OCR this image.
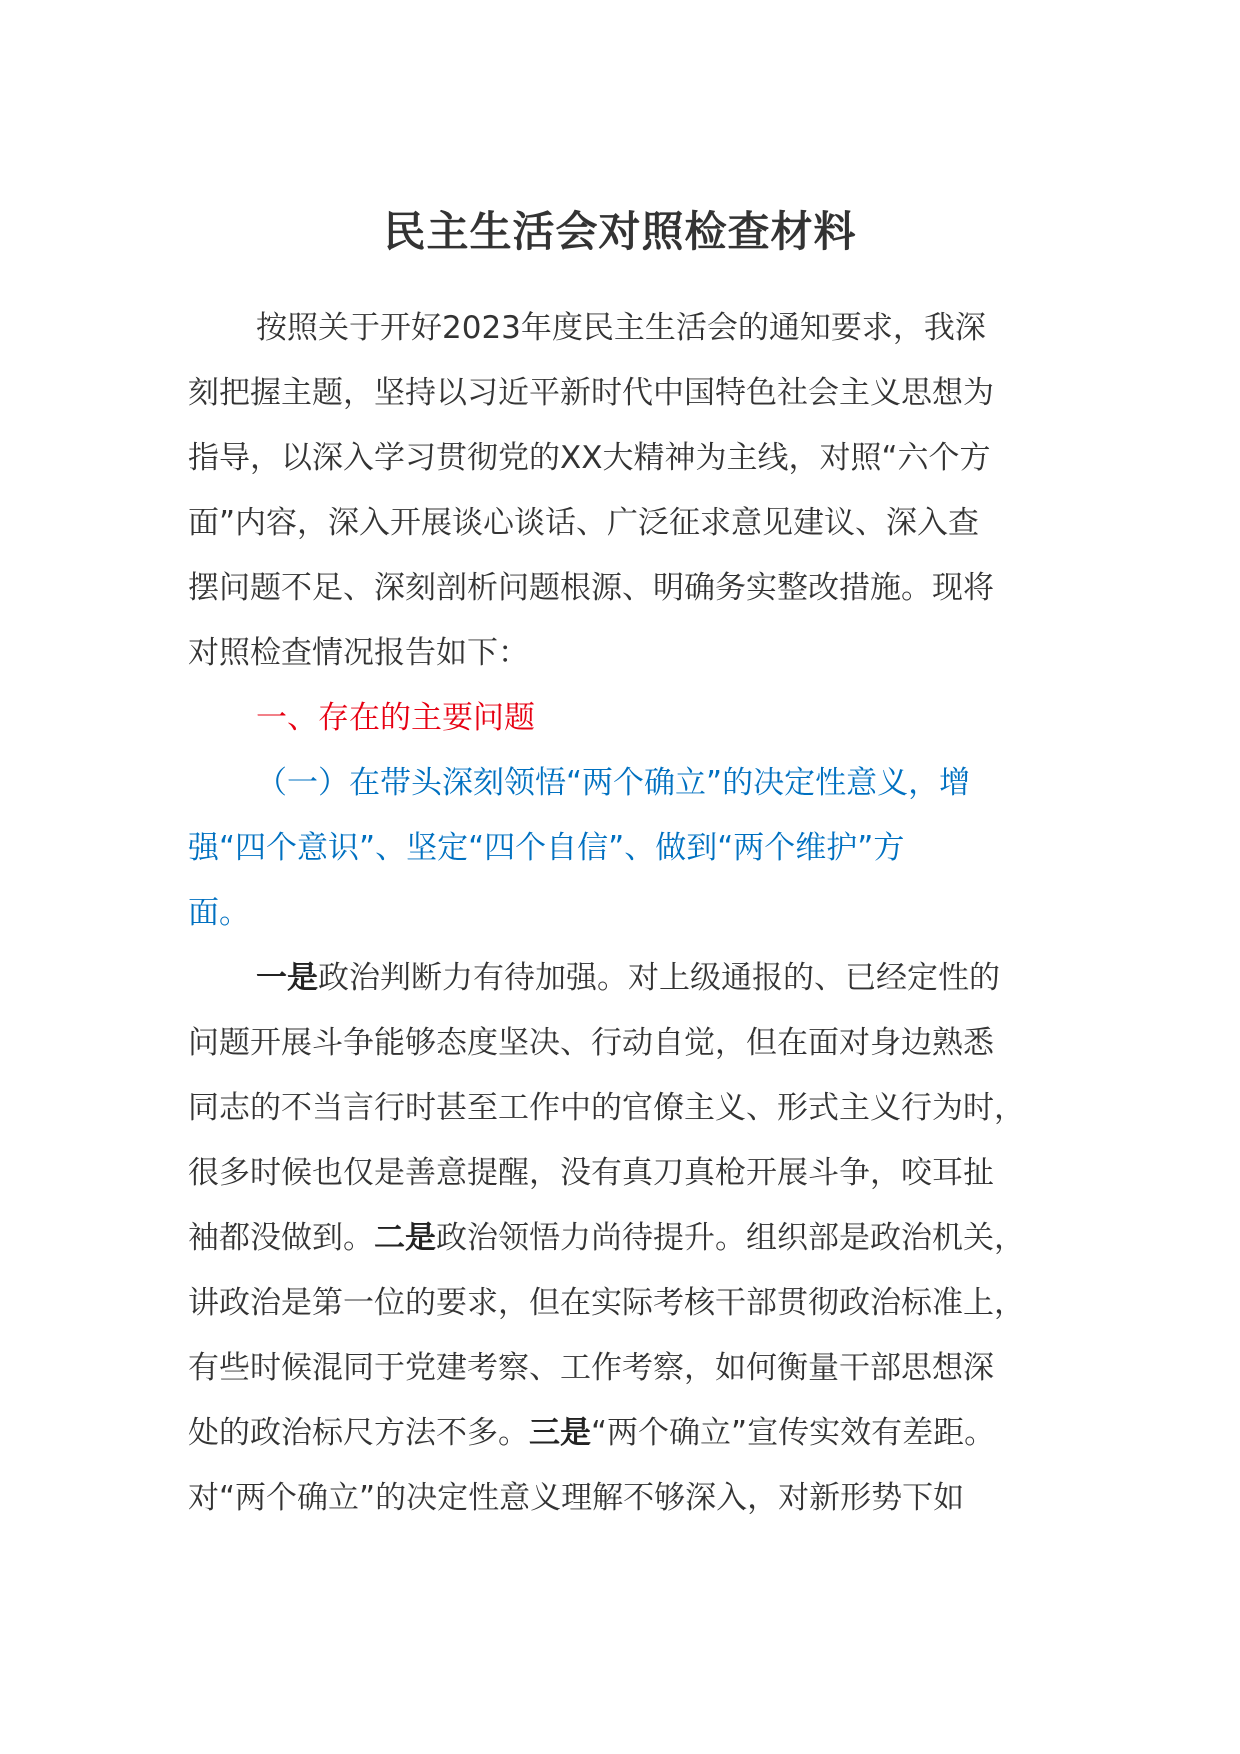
民主生活会对照检查材料
按照关于开好2023年度民主生活会的通知要求，我深
刻把握主题，坚持以习近平新时代中国特色社会主义思想为
指导，以深入学习贯彻党的XX大精神为主线，对照“六个方
面”内容，深入开展谈心谈话、广泛征求意见建议、深入查
摆问题不足、深刻剖析问题根源、明确务实整改措施。现将
对照检查情况报告如下：
一、存在的主要问题
（一）在带头深刻领悟“两个确立”的决定性意义，增
强“四个意识”、坚定“四个自信”、做到“两个维护”方
面。
一是政治判断力有待加强。对上级通报的、已经定性的
问题开展斗争能够态度坚决、行动自觉，但在面对身边熟悉
同志的不当言行时甚至工作中的官僚主义、形式主义行为时，
很多时候也仅是善意提醒，没有真刀真枪开展斗争，咬耳扯
袖都没做到。二是政治领悟力尚待提升。组织部是政治机关，
讲政治是第一位的要求，但在实际考核干部贯彻政治标准上，
有些时候混同于党建考察、工作考察，如何衡量干部思想深
处的政治标尺方法不多。三是“两个确立”宣传实效有差距。
对“两个确立”的决定性意义理解不够深入，对新形势下如
